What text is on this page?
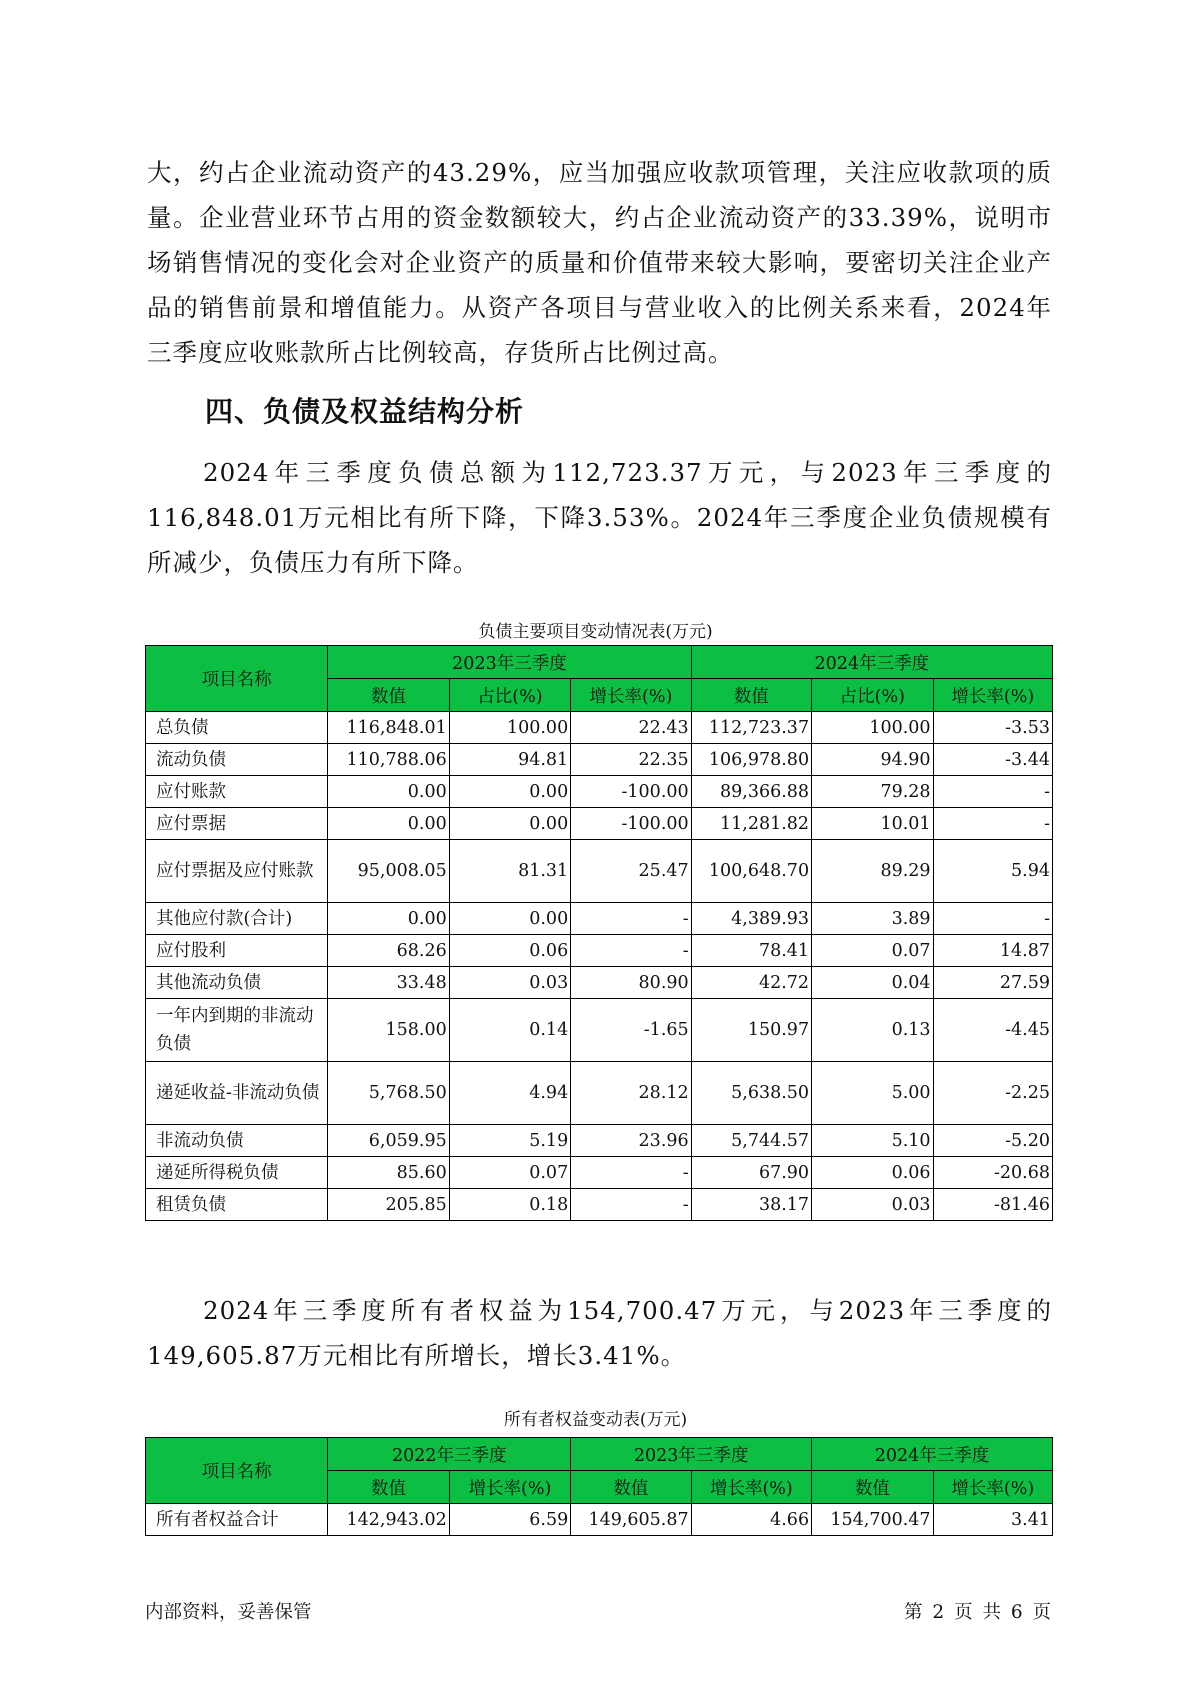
大，约占企业流动资产的43.29%，应当加强应收款项管理，关注应收款项的质量。企业营业环节占用的资金数额较大，约占企业流动资产的33.39%，说明市场销售情况的变化会对企业资产的质量和价值带来较大影响，要密切关注企业产品的销售前景和增值能力。从资产各项目与营业收入的比例关系来看，2024年三季度应收账款所占比例较高，存货所占比例过高。

四、负债及权益结构分析

2024年三季度负债总额为112,723.37万元，与2023年三季度的116,848.01万元相比有所下降，下降3.53%。2024年三季度企业负债规模有所减少，负债压力有所下降。

负债主要项目变动情况表(万元)

项目名称	2023年三季度			2024年三季度		
	数值	占比(%)	增长率(%)	数值	占比(%)	增长率(%)
总负债	116,848.01	100.00	22.43	112,723.37	100.00	-3.53
流动负债	110,788.06	94.81	22.35	106,978.80	94.90	-3.44
应付账款	0.00	0.00	-100.00	89,366.88	79.28	-
应付票据	0.00	0.00	-100.00	11,281.82	10.01	-
应付票据及应付账款	95,008.05	81.31	25.47	100,648.70	89.29	5.94
其他应付款(合计)	0.00	0.00	-	4,389.93	3.89	-
应付股利	68.26	0.06	-	78.41	0.07	14.87
其他流动负债	33.48	0.03	80.90	42.72	0.04	27.59
一年内到期的非流动负债	158.00	0.14	-1.65	150.97	0.13	-4.45
递延收益-非流动负债	5,768.50	4.94	28.12	5,638.50	5.00	-2.25
非流动负债	6,059.95	5.19	23.96	5,744.57	5.10	-5.20
递延所得税负债	85.60	0.07	-	67.90	0.06	-20.68
租赁负债	205.85	0.18	-	38.17	0.03	-81.46

2024年三季度所有者权益为154,700.47万元，与2023年三季度的149,605.87万元相比有所增长，增长3.41%。

所有者权益变动表(万元)

项目名称	2022年三季度		2023年三季度		2024年三季度	
	数值	增长率(%)	数值	增长率(%)	数值	增长率(%)
所有者权益合计	142,943.02	6.59	149,605.87	4.66	154,700.47	3.41

内部资料，妥善保管	第 2 页 共 6 页
